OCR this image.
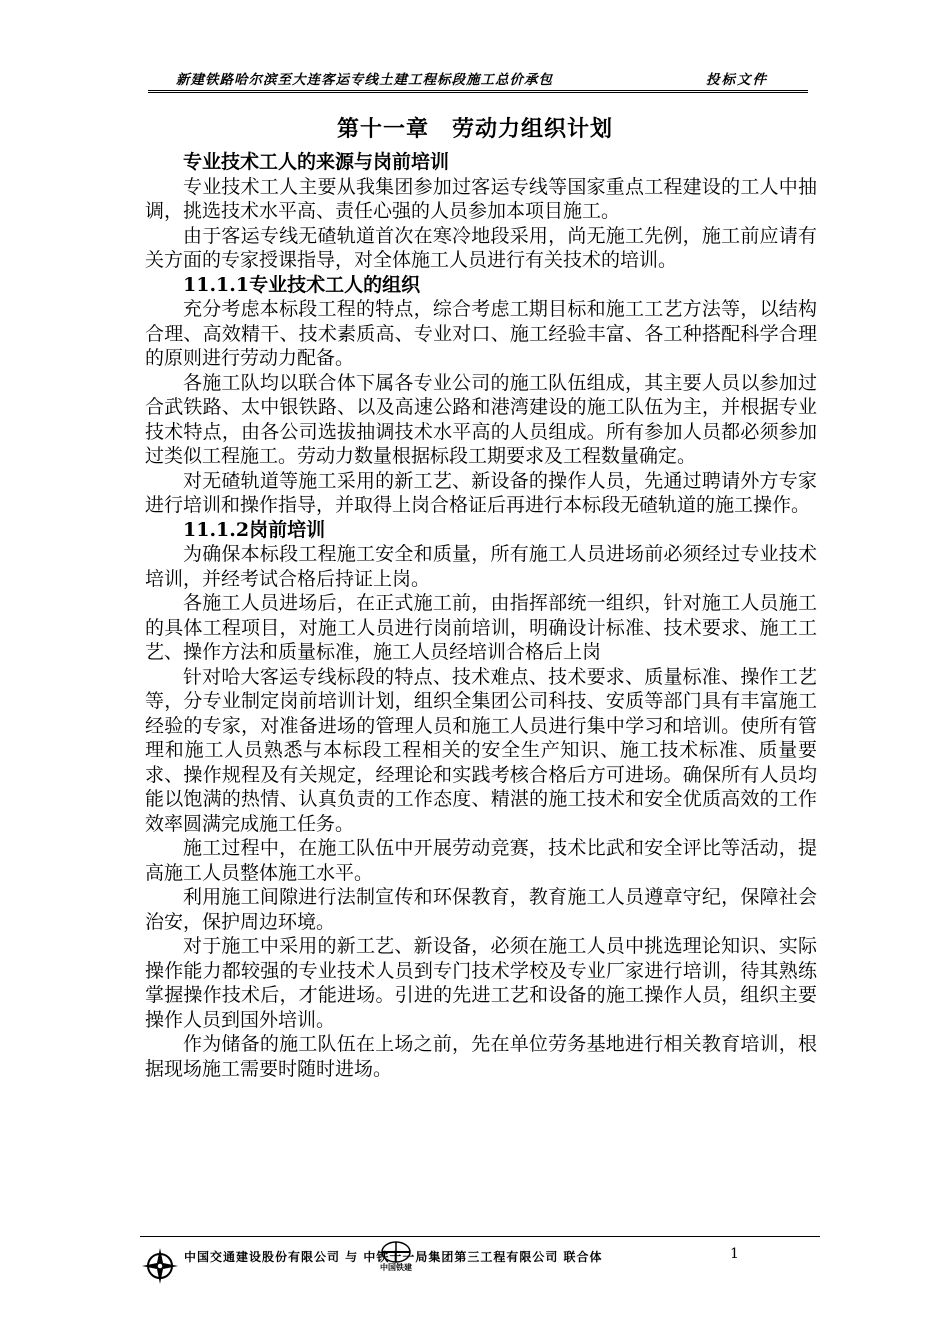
新建铁路哈尔滨至大连客运专线土建工程标段施工总价承包	投标文件
第十一章　劳动力组织计划
专业技术工人的来源与岗前培训

专业技术工人主要从我集团参加过客运专线等国家重点工程建设的工人中抽调，挑选技术水平高、责任心强的人员参加本项目施工。

由于客运专线无碴轨道首次在寒冷地段采用，尚无施工先例，施工前应请有关方面的专家授课指导，对全体施工人员进行有关技术的培训。

11.1.1专业技术工人的组织

充分考虑本标段工程的特点，综合考虑工期目标和施工工艺方法等，以结构合理、高效精干、技术素质高、专业对口、施工经验丰富、各工种搭配科学合理的原则进行劳动力配备。

各施工队均以联合体下属各专业公司的施工队伍组成，其主要人员以参加过合武铁路、太中银铁路、以及高速公路和港湾建设的施工队伍为主，并根据专业技术特点，由各公司选拔抽调技术水平高的人员组成。所有参加人员都必须参加过类似工程施工。劳动力数量根据标段工期要求及工程数量确定。

对无碴轨道等施工采用的新工艺、新设备的操作人员，先通过聘请外方专家进行培训和操作指导，并取得上岗合格证后再进行本标段无碴轨道的施工操作。

11.1.2岗前培训

为确保本标段工程施工安全和质量，所有施工人员进场前必须经过专业技术培训，并经考试合格后持证上岗。

各施工人员进场后，在正式施工前，由指挥部统一组织，针对施工人员施工的具体工程项目，对施工人员进行岗前培训，明确设计标准、技术要求、施工工艺、操作方法和质量标准，施工人员经培训合格后上岗

针对哈大客运专线标段的特点、技术难点、技术要求、质量标准、操作工艺等，分专业制定岗前培训计划，组织全集团公司科技、安质等部门具有丰富施工经验的专家，对准备进场的管理人员和施工人员进行集中学习和培训。使所有管理和施工人员熟悉与本标段工程相关的安全生产知识、施工技术标准、质量要求、操作规程及有关规定，经理论和实践考核合格后方可进场。确保所有人员均能以饱满的热情、认真负责的工作态度、精湛的施工技术和安全优质高效的工作效率圆满完成施工任务。

施工过程中，在施工队伍中开展劳动竞赛，技术比武和安全评比等活动，提高施工人员整体施工水平。

利用施工间隙进行法制宣传和环保教育，教育施工人员遵章守纪，保障社会治安，保护周边环境。

对于施工中采用的新工艺、新设备，必须在施工人员中挑选理论知识、实际操作能力都较强的专业技术人员到专门技术学校及专业厂家进行培训，待其熟练掌握操作技术后，才能进场。引进的先进工艺和设备的施工操作人员，组织主要操作人员到国外培训。

作为储备的施工队伍在上场之前，先在单位劳务基地进行相关教育培训，根据现场施工需要时随时进场。

中国交通建设股份有限公司 与 中铁十一局集团第三工程有限公司 联合体
中国铁建
1
